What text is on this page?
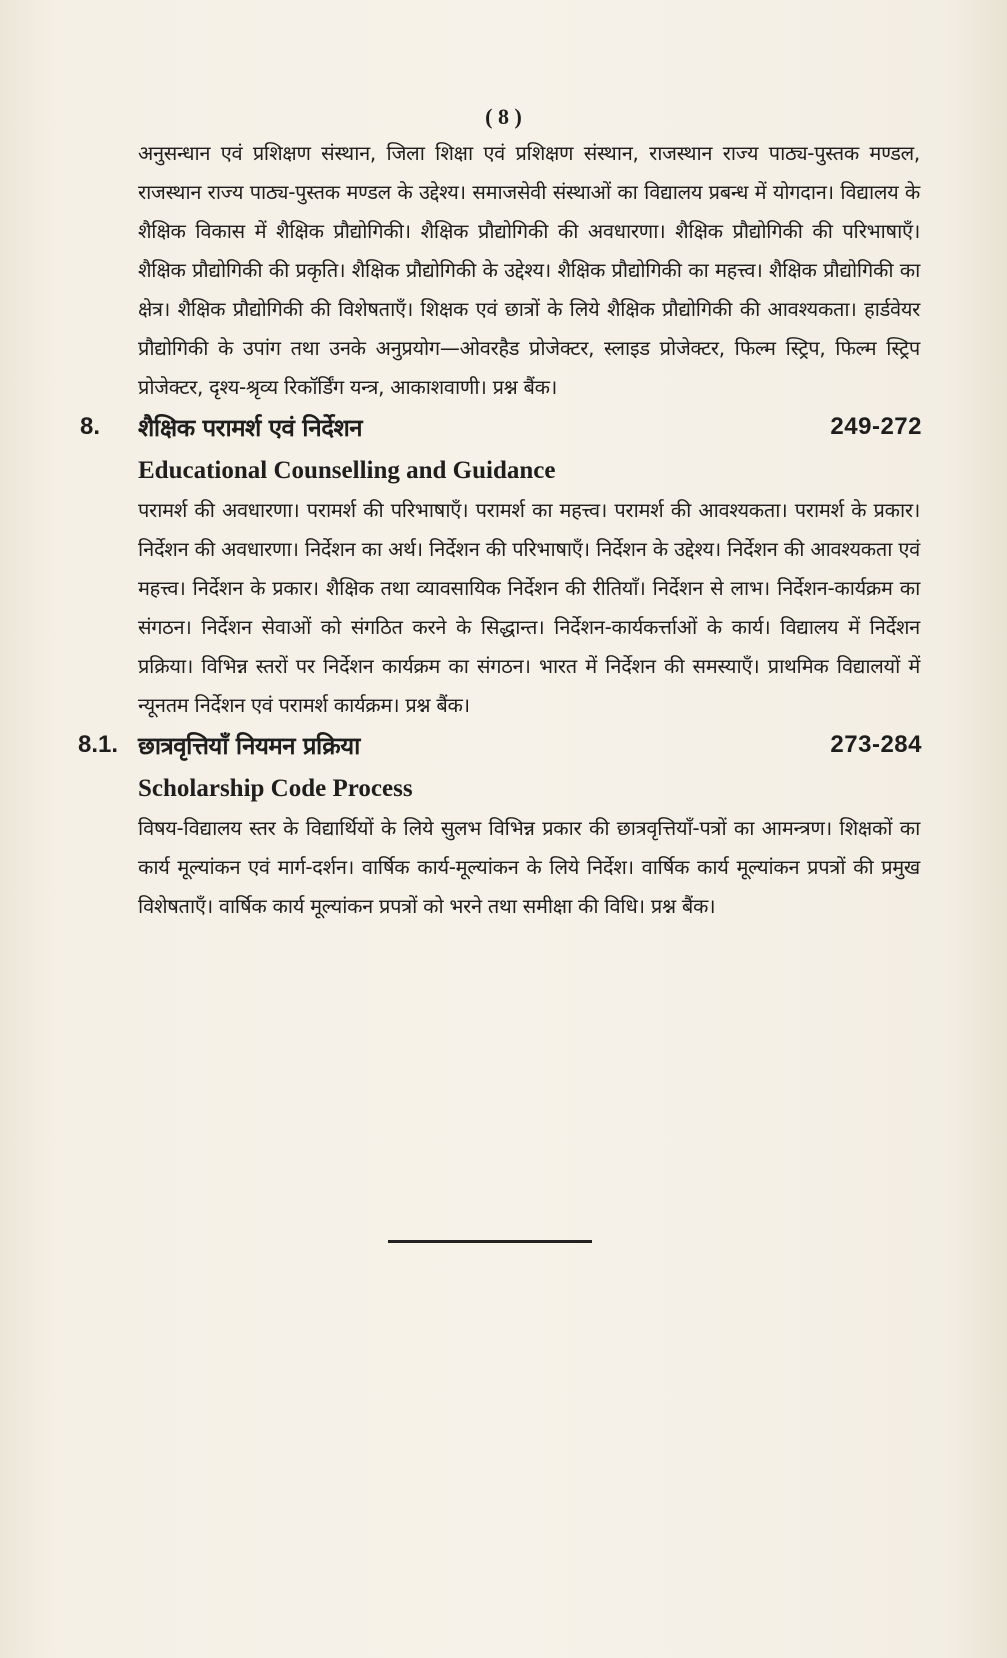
( 8 )

अनुसन्धान एवं प्रशिक्षण संस्थान, जिला शिक्षा एवं प्रशिक्षण संस्थान, राजस्थान राज्य पाठ्य-पुस्तक मण्डल, राजस्थान राज्य पाठ्य-पुस्तक मण्डल के उद्देश्य। समाजसेवी संस्थाओं का विद्यालय प्रबन्ध में योगदान। विद्यालय के शैक्षिक विकास में शैक्षिक प्रौद्योगिकी। शैक्षिक प्रौद्योगिकी की अवधारणा। शैक्षिक प्रौद्योगिकी की परिभाषाएँ। शैक्षिक प्रौद्योगिकी की प्रकृति। शैक्षिक प्रौद्योगिकी के उद्देश्य। शैक्षिक प्रौद्योगिकी का महत्त्व। शैक्षिक प्रौद्योगिकी का क्षेत्र। शैक्षिक प्रौद्योगिकी की विशेषताएँ। शिक्षक एवं छात्रों के लिये शैक्षिक प्रौद्योगिकी की आवश्यकता। हार्डवेयर प्रौद्योगिकी के उपांग तथा उनके अनुप्रयोग—ओवरहैड प्रोजेक्टर, स्लाइड प्रोजेक्टर, फिल्म स्ट्रिप, फिल्म स्ट्रिप प्रोजेक्टर, दृश्य-श्रृव्य रिकॉर्डिंग यन्त्र, आकाशवाणी। प्रश्न बैंक।

8. शैक्षिक परामर्श एवं निर्देशन	249-272
Educational Counselling and Guidance

परामर्श की अवधारणा। परामर्श की परिभाषाएँ। परामर्श का महत्त्व। परामर्श की आवश्यकता। परामर्श के प्रकार। निर्देशन की अवधारणा। निर्देशन का अर्थ। निर्देशन की परिभाषाएँ। निर्देशन के उद्देश्य। निर्देशन की आवश्यकता एवं महत्त्व। निर्देशन के प्रकार। शैक्षिक तथा व्यावसायिक निर्देशन की रीतियाँ। निर्देशन से लाभ। निर्देशन-कार्यक्रम का संगठन। निर्देशन सेवाओं को संगठित करने के सिद्धान्त। निर्देशन-कार्यकर्त्ताओं के कार्य। विद्यालय में निर्देशन प्रक्रिया। विभिन्न स्तरों पर निर्देशन कार्यक्रम का संगठन। भारत में निर्देशन की समस्याएँ। प्राथमिक विद्यालयों में न्यूनतम निर्देशन एवं परामर्श कार्यक्रम। प्रश्न बैंक।

8.1. छात्रवृत्तियाँ नियमन प्रक्रिया	273-284
Scholarship Code Process

विषय-विद्यालय स्तर के विद्यार्थियों के लिये सुलभ विभिन्न प्रकार की छात्रवृत्तियाँ-पत्रों का आमन्त्रण। शिक्षकों का कार्य मूल्यांकन एवं मार्ग-दर्शन। वार्षिक कार्य-मूल्यांकन के लिये निर्देश। वार्षिक कार्य मूल्यांकन प्रपत्रों की प्रमुख विशेषताएँ। वार्षिक कार्य मूल्यांकन प्रपत्रों को भरने तथा समीक्षा की विधि। प्रश्न बैंक।
